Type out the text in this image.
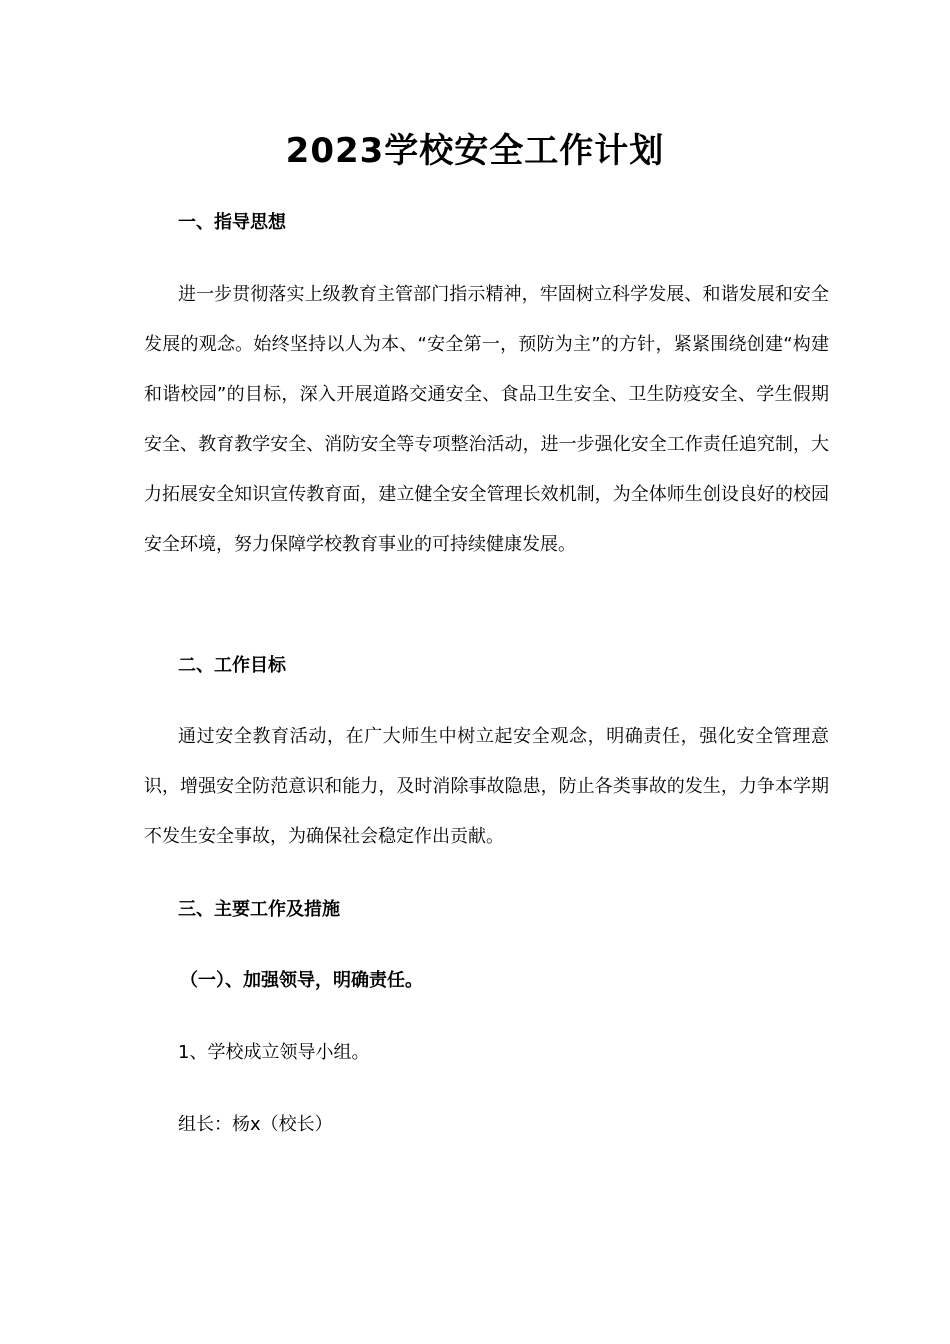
2023学校安全工作计划
一、指导思想

进一步贯彻落实上级教育主管部门指示精神，牢固树立科学发展、和谐发展和安全发展的观念。始终坚持以人为本、“安全第一，预防为主”的方针，紧紧围绕创建“构建和谐校园”的目标，深入开展道路交通安全、食品卫生安全、卫生防疫安全、学生假期安全、教育教学安全、消防安全等专项整治活动，进一步强化安全工作责任追究制，大力拓展安全知识宣传教育面，建立健全安全管理长效机制，为全体师生创设良好的校园安全环境，努力保障学校教育事业的可持续健康发展。

二、工作目标

通过安全教育活动，在广大师生中树立起安全观念，明确责任，强化安全管理意识，增强安全防范意识和能力，及时消除事故隐患，防止各类事故的发生，力争本学期不发生安全事故，为确保社会稳定作出贡献。

三、主要工作及措施
（一）、加强领导，明确责任。

1、学校成立领导小组。

组长：杨x（校长）
